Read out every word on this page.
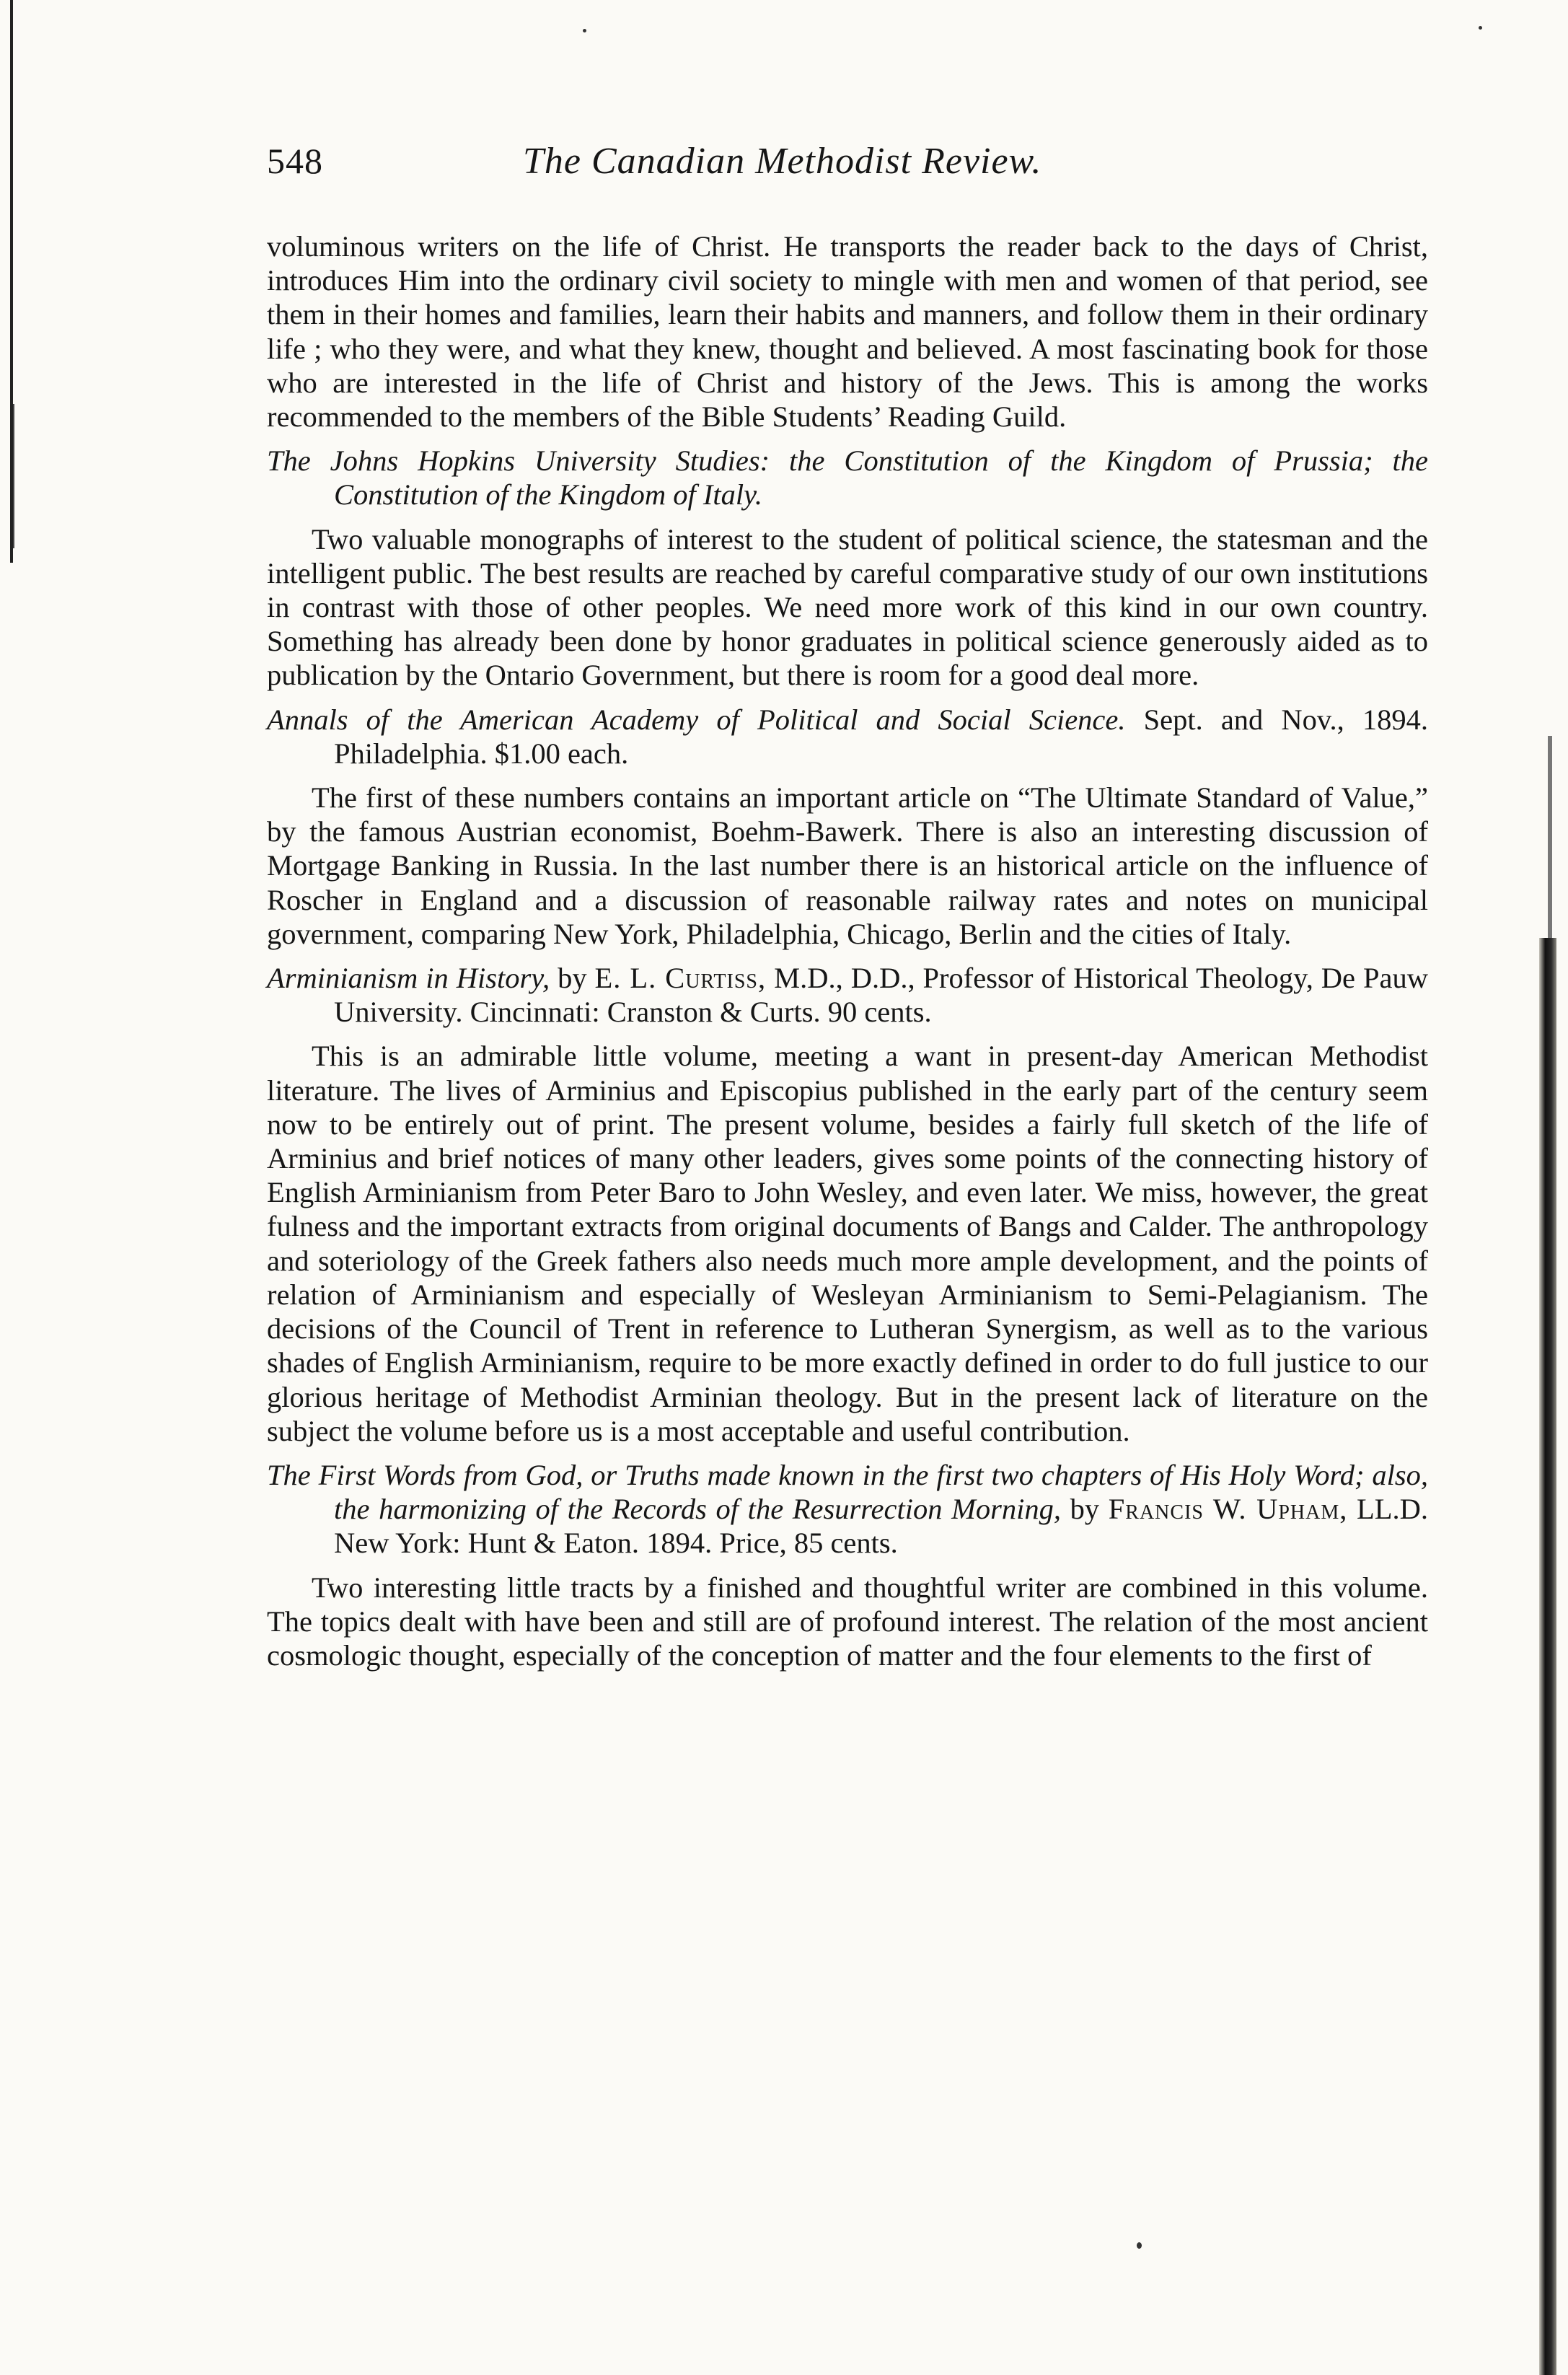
548	The Canadian Methodist Review.

voluminous writers on the life of Christ. He transports the reader back to the days of Christ, introduces Him into the ordinary civil society to mingle with men and women of that period, see them in their homes and families, learn their habits and manners, and follow them in their ordinary life ; who they were, and what they knew, thought and believed. A most fascinating book for those who are interested in the life of Christ and history of the Jews. This is among the works recommended to the members of the Bible Students’ Reading Guild.

The Johns Hopkins University Studies: the Constitution of the Kingdom of Prussia; the Constitution of the Kingdom of Italy.

Two valuable monographs of interest to the student of political science, the statesman and the intelligent public. The best results are reached by careful comparative study of our own institutions in contrast with those of other peoples. We need more work of this kind in our own country. Something has already been done by honor graduates in political science generously aided as to publication by the Ontario Government, but there is room for a good deal more.

Annals of the American Academy of Political and Social Science. Sept. and Nov., 1894. Philadelphia. $1.00 each.

The first of these numbers contains an important article on “The Ultimate Standard of Value,” by the famous Austrian economist, Boehm-Bawerk. There is also an interesting discussion of Mortgage Banking in Russia. In the last number there is an historical article on the influence of Roscher in England and a discussion of reasonable railway rates and notes on municipal government, comparing New York, Philadelphia, Chicago, Berlin and the cities of Italy.

Arminianism in History, by E. L. Curtiss, M.D., D.D., Professor of Historical Theology, De Pauw University. Cincinnati: Cranston & Curts. 90 cents.

This is an admirable little volume, meeting a want in present-day American Methodist literature. The lives of Arminius and Episcopius published in the early part of the century seem now to be entirely out of print. The present volume, besides a fairly full sketch of the life of Arminius and brief notices of many other leaders, gives some points of the connecting history of English Arminianism from Peter Baro to John Wesley, and even later. We miss, however, the great fulness and the important extracts from original documents of Bangs and Calder. The anthropology and soteriology of the Greek fathers also needs much more ample development, and the points of relation of Arminianism and especially of Wesleyan Arminianism to Semi-Pelagianism. The decisions of the Council of Trent in reference to Lutheran Synergism, as well as to the various shades of English Arminianism, require to be more exactly defined in order to do full justice to our glorious heritage of Methodist Arminian theology. But in the present lack of literature on the subject the volume before us is a most acceptable and useful contribution.

The First Words from God, or Truths made known in the first two chapters of His Holy Word; also, the harmonizing of the Records of the Resurrection Morning, by Francis W. Upham, LL.D. New York: Hunt & Eaton. 1894. Price, 85 cents.

Two interesting little tracts by a finished and thoughtful writer are combined in this volume. The topics dealt with have been and still are of profound interest. The relation of the most ancient cosmologic thought, especially of the conception of matter and the four elements to the first of
